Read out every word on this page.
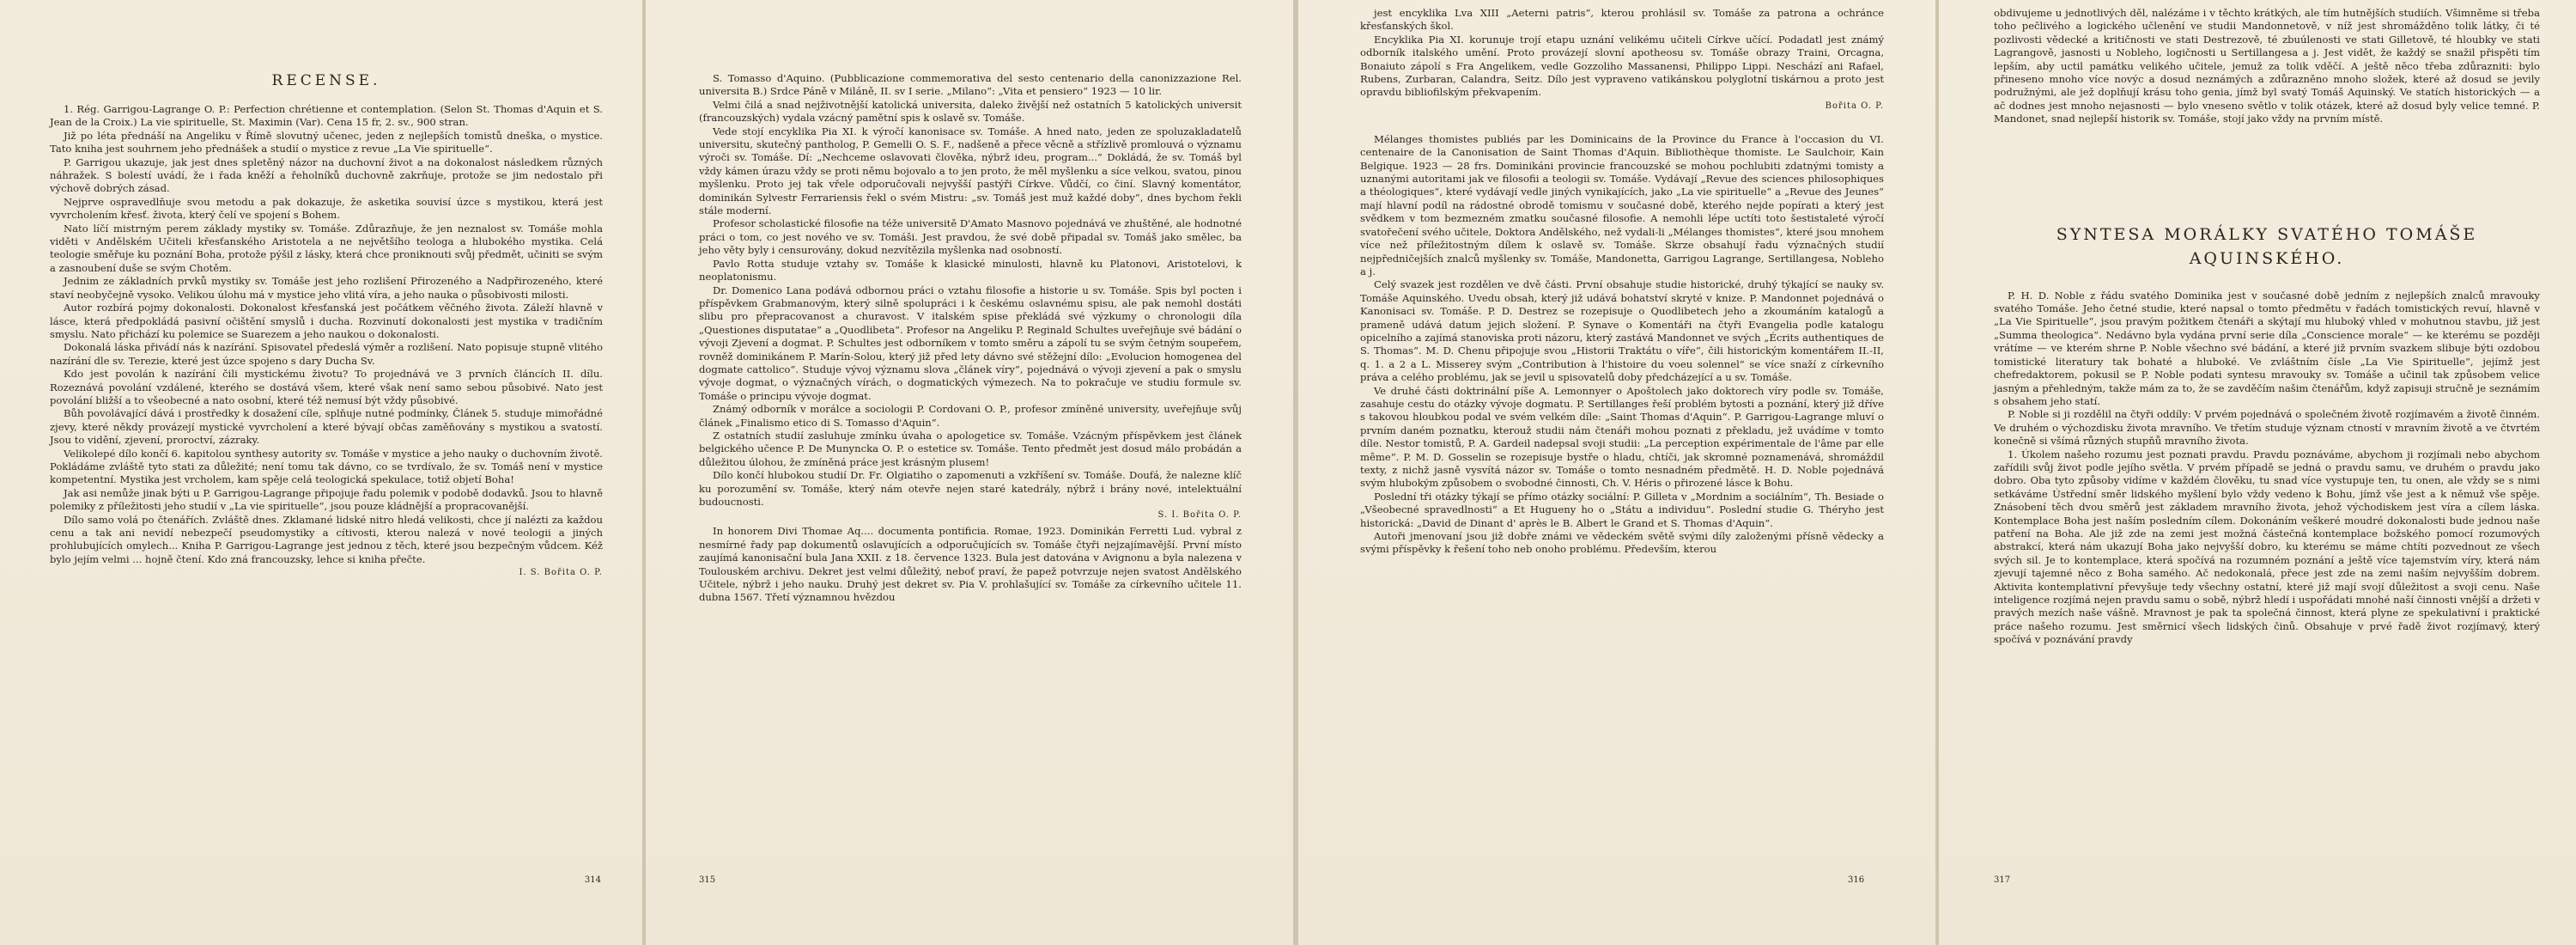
RECENSE.

1. Rég. Garrigou-Lagrange O. P.: Perfection chrétienne et contemplation. (Selon St. Thomas d'Aquin et S. Jean de la Croix.) La vie spirituelle, St. Maximin (Var). Cena 15 fr, 2. sv., 900 stran.

Již po léta přednáší na Angeliku v Římě slovutný učenec, jeden z nejlepších tomistů dneška, o mystice. Tato kniha jest souhrnem jeho přednášek a studií o mystice z revue „La Vie spirituelle“.

P. Garrigou ukazuje, jak jest dnes spletěný názor na duchovní život a na dokonalost následkem různých náhražek. S bolestí uvádí, že i řada kněží a řeholníků duchovně zakrňuje, protože se jim nedostalo při výchově dobrých zásad.

Nejprve ospravedlňuje svou metodu a pak dokazuje, že asketika souvisí úzce s mystikou, která jest vyvrcholením křesť. života, který čelí ve spojení s Bohem.

Nato líčí mistrným perem základy mystiky sv. Tomáše. Zdůrazňuje, že jen neznalost sv. Tomáše mohla viděti v Andělském Učiteli křesťanského Aristotela a ne největšího teologa a hlubokého mystika. Celá teologie směřuje ku poznání Boha, protože pýšil z lásky, která chce proniknouti svůj předmět, učiniti se svým a zasnoubení duše se svým Chotěm.

Jednim ze základních prvků mystiky sv. Tomáše jest jeho rozlišení Přirozeného a Nadpřirozeného, které staví neobyčejně vysoko. Velikou úlohu má v mystice jeho vlitá víra, a jeho nauka o působivosti milosti.

Autor rozbírá pojmy dokonalosti. Dokonalost křesťanská jest počátkem věčného života. Záleží hlavně v lásce, která předpokládá pasivní očištění smyslů i ducha. Rozvinutí dokonalosti jest mystika v tradičním smyslu. Nato přichází ku polemice se Suarezem a jeho naukou o dokonalosti.

Dokonalá láska přivádí nás k nazírání. Spisovatel předeslá výměr a rozlišení. Nato popisuje stupně vlitého nazírání dle sv. Terezie, které jest úzce spojeno s dary Ducha Sv.

Kdo jest povolán k nazírání čili mystickému životu? To projednává ve 3 prvních článcích II. dílu. Rozeznává povolání vzdálené, kterého se dostává všem, které však není samo sebou působivé. Nato jest povolání bližší a to všeobecné a nato osobní, které též nemusí být vždy působivé.

Bůh povolávající dává i prostředky k dosažení cíle, splňuje nutné podmínky, Článek 5. studuje mimořádné zjevy, které někdy provázejí mystické vyvrcholení a které bývají občas zaměňovány s mystikou a svatostí. Jsou to vidění, zjevení, proroctví, zázraky.

Velikolepé dílo končí 6. kapitolou synthesy autority sv. Tomáše v mystice a jeho nauky o duchovním životě. Pokládáme zvláště tyto stati za důležité; není tomu tak dávno, co se tvrdívalo, že sv. Tomáš není v mystice kompetentní. Mystika jest vrcholem, kam spěje celá teologická spekulace, totiž objetí Boha!

Jak asi nemůže jinak býti u P. Garrigou-Lagrange připojuje řadu polemik v podobě dodavků. Jsou to hlavně polemiky z příležitosti jeho studií v „La vie spirituelle“, jsou pouze kládnější a propracovanější.

Dílo samo volá po čtenářích. Zvláště dnes. Zklamané lidské nitro hledá velikosti, chce jí nalézti za každou cenu a tak ani nevidí nebezpečí pseudomystiky a cítivosti, kterou nalezá v nové teologii a jiných prohlubujících omylech... Kniha P. Garrigou-Lagrange jest jednou z těch, které jsou bezpečným vůdcem. Kéž bylo jejím velmi ... hojně čtení. Kdo zná francouzsky, lehce si kniha přečte.

I. S. Bořita O. P.
314

S. Tomasso d'Aquino. (Pubblicazione commemorativa del sesto centenario della canonizzazione Rel. universita B.) Srdce Páně v Miláně, II. sv I serie. „Milano“: „Vita et pensiero“ 1923 — 10 lir.

Velmi čilá a snad nejživotnější katolická universita, daleko živější než ostatních 5 katolických universit (francouzských) vydala vzácný pamětní spis k oslavě sv. Tomáše.

Vede stojí encyklika Pia XI. k výročí kanonisace sv. Tomáše. A hned nato, jeden ze spoluzakladatelů universitu, skutečný pantholog, P. Gemelli O. S. F., nadšeně a přece věcně a střízlivě promlouvá o významu výroči sv. Tomáše. Dí: „Nechceme oslavovati člověka, nýbrž ideu, program...“ Dokládá, že sv. Tomáš byl vždy kámen úrazu vždy se proti němu bojovalo a to jen proto, že měl myšlenku a síce velkou, svatou, pinou myšlenku. Proto jej tak vřele odporučovali nejvyšší pastýři Církve. Vůdčí, co činí. Slavný komentátor, dominikán Sylvestr Ferrariensis řekl o svém Mistru: „sv. Tomáš jest muž každé doby“, dnes bychom řekli stále moderní.

Profesor scholastické filosofie na téže universitě D'Amato Masnovo pojednává ve zhuštěné, ale hodnotné práci o tom, co jest nového ve sv. Tomáši. Jest pravdou, že své době připadal sv. Tomáš jako smělec, ba jeho věty byly i censurovány, dokud nezvítězila myšlenka nad osobností.

Pavlo Rotta studuje vztahy sv. Tomáše k klasické minulosti, hlavně ku Platonovi, Aristotelovi, k neoplatonismu.

Dr. Domenico Lana podává odbornou práci o vztahu filosofie a historie u sv. Tomáše. Spis byl pocten i příspěvkem Grabmanovým, který silně spolupráci i k českému oslavnému spisu, ale pak nemohl dostáti slibu pro přepracovanost a churavost. V italském spise překládá své výzkumy o chronologii díla „Questiones disputatae“ a „Quodlibeta“. Profesor na Angeliku P. Reginald Schultes uveřejňuje své bádání o vývoji Zjevení a dogmat. P. Schultes jest odborníkem v tomto směru a zápolí tu se svým četným soupeřem, rovněž dominikánem P. Marín-Solou, který již před lety dávno své stěžejní dílo: „Evolucion homogenea del dogmate cattolico“. Studuje vývoj významu slova „článek víry“, pojednává o vývoji zjevení a pak o smyslu vývoje dogmat, o význačných vírách, o dogmatických výmezech. Na to pokračuje ve studiu formule sv. Tomáše o principu vývoje dogmat.

Známý odborník v morálce a sociologii P. Cordovani O. P., profesor zmíněné university, uveřejňuje svůj článek „Finalismo etico di S. Tomasso d'Aquin“.

Z ostatních studií zasluhuje zmínku úvaha o apologetice sv. Tomáše. Vzácným příspěvkem jest článek belgického učence P. De Munyncka O. P. o estetice sv. Tomáše. Tento předmět jest dosud málo probádán a důležitou úlohou, že zmíněná práce jest krásným plusem!

Dílo končí hlubokou studií Dr. Fr. Olgiatiho o zapomenuti a vzkříšení sv. Tomáše. Doufá, že nalezne klíč ku porozumění sv. Tomáše, který nám otevře nejen staré katedrály, nýbrž i brány nové, intelektuální budoucnosti.

S. I. Bořita O. P.

In honorem Divi Thomae Aq.... documenta pontificia. Romae, 1923. Dominikán Ferretti Lud. vybral z nesmírné řady pap dokumentů oslavujících a odporučujících sv. Tomáše čtyři nejzajímavější. První místo zaujímá kanonisační bula Jana XXII. z 18. července 1323. Bula jest datována v Avignonu a byla nalezena v Toulouském archivu. Dekret jest velmi důležitý, neboť praví, že papež potvrzuje nejen svatost Andělského Učitele, nýbrž i jeho nauku. Druhý jest dekret sv. Pia V. prohlašující sv. Tomáše za církevního učitele 11. dubna 1567. Třetí významnou hvězdou

315

jest encyklika Lva XIII „Aeterni patris“, kterou prohlásil sv. Tomáše za patrona a ochránce křesťanských škol.

Encyklika Pia XI. korunuje trojí etapu uznání velikému učiteli Církve učící. Podadatl jest známý odborník italského umění. Proto provázejí slovní apotheosu sv. Tomáše obrazy Traini, Orcagna, Bonaiuto zápolí s Fra Angelikem, vedle Gozzoliho Massanensi, Philippo Lippi. Neschází ani Rafael, Rubens, Zurbaran, Calandra, Seitz. Dílo jest vypraveno vatikánskou polyglotní tiskárnou a proto jest opravdu bibliofilským překvapením.

Bořita O. P.

Mélanges thomistes publiés par les Dominicains de la Province du France à l'occasion du VI. centenaire de la Canonisation de Saint Thomas d'Aquin. Bibliothèque thomiste. Le Saulchoir, Kain Belgique. 1923 — 28 frs. Dominikáni provincie francouzské se mohou pochlubiti zdatnými tomisty a uznanými autoritami jak ve filosofii a teologii sv. Tomáše. Vydávají „Revue des sciences philosophiques a théologiques“, které vydávají vedle jiných vynikajících, jako „La vie spirituelle“ a „Revue des Jeunes“ mají hlavní podíl na rádostné obrodě tomismu v současné době, kterého nejde popírati a který jest svědkem v tom bezmezném zmatku současné filosofie. A nemohli lépe uctíti toto šestistaleté výročí svatořečení svého učitele, Doktora Andělského, než vydali-li „Mélanges thomistes“, které jsou mnohem více než příležitostným dílem k oslavě sv. Tomáše. Skrze obsahují řadu význačných studií nejpředničejších znalců myšlenky sv. Tomáše, Mandonetta, Garrigou Lagrange, Sertillangesa, Nobleho a j.

Celý svazek jest rozdělen ve dvě části. První obsahuje studie historické, druhý týkající se nauky sv. Tomáše Aquinského. Uvedu obsah, který již udává bohatství skryté v knize. P. Mandonnet pojednává o Kanonisaci sv. Tomáše. P. D. Destrez se rozepisuje o Quodlibetech jeho a zkoumáním katalogů a prameně udává datum jejich složení. P. Synave o Komentáři na čtyři Evangelia podle katalogu opicelního a zajímá stanoviska proti názoru, který zastává Mandonnet ve svých „Écrits authentiques de S. Thomas“. M. D. Chenu připojuje svou „Historii Traktátu o víře“, čili historickým komentářem II.-II, q. 1. a 2 a L. Misserey svým „Contribution à l'histoire du voeu solennel“ se více snaží z církevního práva a celého problému, jak se jevil u spisovatelů doby předcházející a u sv. Tomáše.

Ve druhé části doktrinální píše A. Lemonnyer o Apoštolech jako doktorech víry podle sv. Tomáše, zasahuje cestu do otázky vývoje dogmatu. P. Sertillanges řeší problém bytosti a poznání, který již dříve s takovou hloubkou podal ve svém velkém díle: „Saint Thomas d'Aquin“. P. Garrigou-Lagrange mluví o prvním daném poznatku, kterouž studii nám čtenáři mohou poznati z překladu, jež uvádíme v tomto díle. Nestor tomistů, P. A. Gardeil nadepsal svoji studii: „La perception expérimentale de l'âme par elle même“. P. M. D. Gosselin se rozepisuje bystře o hladu, chtíči, jak skromné poznamenává, shromáždil texty, z nichž jasně vysvítá názor sv. Tomáše o tomto nesnadném předmětě. H. D. Noble pojednává svým hlubokým způsobem o svobodné činnosti, Ch. V. Héris o přirozené lásce k Bohu.

Poslední tři otázky týkají se přímo otázky sociální: P. Gilleta v „Mordnim a sociálním“, Th. Besiade o „Všeobecné spravedlnosti“ a Et Hugueny ho o „Státu a individuu“. Poslední studie G. Théryho jest historická: „David de Dinant d' après le B. Albert le Grand et S. Thomas d'Aquin“.

Autoři jmenovaní jsou již dobře známi ve vědeckém světě svými díly založenými přísně vědecky a svými příspěvky k řešení toho neb onoho problému. Především, kterou

316

obdivujeme u jednotlivých děl, nalézáme i v těchto krátkých, ale tím hutnějších studiích. Všimněme si třeba toho pečlivého a logického učlenění ve studii Mandonnetově, v níž jest shromážděno tolik látky, či té pozlivosti vědecké a kritičnosti ve stati Destrezově, té zbuúlenosti ve stati Gilletově, té hloubky ve stati Lagrangově, jasnosti u Nobleho, logičnosti u Sertillangesa a j. Jest vidět, že každý se snažil přispěti tím lepším, aby uctil památku velikého učitele, jemuž za tolik vděčí. A ještě něco třeba zdůrazniti: bylo přineseno mnoho více novýc a dosud neznámých a zdůrazněno mnoho složek, které až dosud se jevily podružnými, ale jež doplňují krásu toho genia, jímž byl svatý Tomáš Aquinský. Ve statích historických — a ač dodnes jest mnoho nejasnosti — bylo vneseno světlo v tolik otázek, které až dosud byly velice temné. P. Mandonet, snad nejlepší historik sv. Tomáše, stojí jako vždy na prvním místě.

SYNTESA MORÁLKY SVATÉHO TOMÁŠE
AQUINSKÉHO.

P. H. D. Noble z řádu svatého Dominika jest v současné době jedním z nejlepších znalců mravouky svatého Tomáše. Jeho četné studie, které napsal o tomto předmětu v řadách tomistických revuí, hlavně v „La Vie Spirituelle“, jsou pravým požitkem čtenáři a skýtají mu hluboký vhled v mohutnou stavbu, již jest „Summa theologica“. Nedávno byla vydána první serie díla „Conscience morale“ — ke kterému se později vrátíme — ve kterém shrne P. Noble všechno své bádání, a které již prvním svazkem slibuje býti ozdobou tomistické literatury tak bohaté a hluboké. Ve zvláštním čísle „La Vie Spirituelle“, jejímž jest chefredaktorem, pokusil se P. Noble podati syntesu mravouky sv. Tomáše a učinil tak způsobem velice jasným a přehledným, takže mám za to, že se zavděčím našim čtenářům, když zapisuji stručně je seznámím s obsahem jeho statí.

P. Noble si ji rozdělil na čtyři oddíly: V prvém pojednává o společném životě rozjímavém a životě činném. Ve druhém o výchozdisku života mravního. Ve třetím studuje význam ctností v mravním životě a ve čtvrtém konečně si všímá různých stupňů mravního života.

1. Úkolem našeho rozumu jest poznati pravdu. Pravdu poznáváme, abychom ji rozjímali nebo abychom zařídili svůj život podle jejího světla. V prvém případě se jedná o pravdu samu, ve druhém o pravdu jako dobro. Oba tyto způsoby vidíme v každém člověku, tu snad více vystupuje ten, tu onen, ale vždy se s nimi setkáváme Ústřední směr lidského myšlení bylo vždy vedeno k Bohu, jímž vše jest a k němuž vše spěje. Znásobení těch dvou směrů jest základem mravního života, jehož východiskem jest víra a cílem láska. Kontemplace Boha jest naším posledním cílem. Dokonáním veškeré moudré dokonalosti bude jednou naše patření na Boha. Ale již zde na zemi jest možná částečná kontemplace božského pomocí rozumových abstrakcí, která nám ukazují Boha jako nejvyšší dobro, ku kterému se máme chtíti pozvednout ze všech svých sil. Je to kontemplace, která spočívá na rozumném poznání a ještě více tajemstvím víry, která nám zjevují tajemné něco z Boha samého. Ač nedokonalá, přece jest zde na zemi naším nejvyšším dobrem. Aktivita kontemplativní převyšuje tedy všechny ostatní, které již mají svojí důležitost a svoji cenu. Naše inteligence rozjímá nejen pravdu samu o sobě, nýbrž hledí i uspořádati mnohé naší činnosti vnější a držeti v pravých mezích naše vášně. Mravnost je pak ta společná činnost, která plyne ze spekulativní i praktické práce našeho rozumu. Jest směrnicí všech lidských činů. Obsahuje v prvé řadě život rozjímavý, který spočívá v poznávání pravdy

317
